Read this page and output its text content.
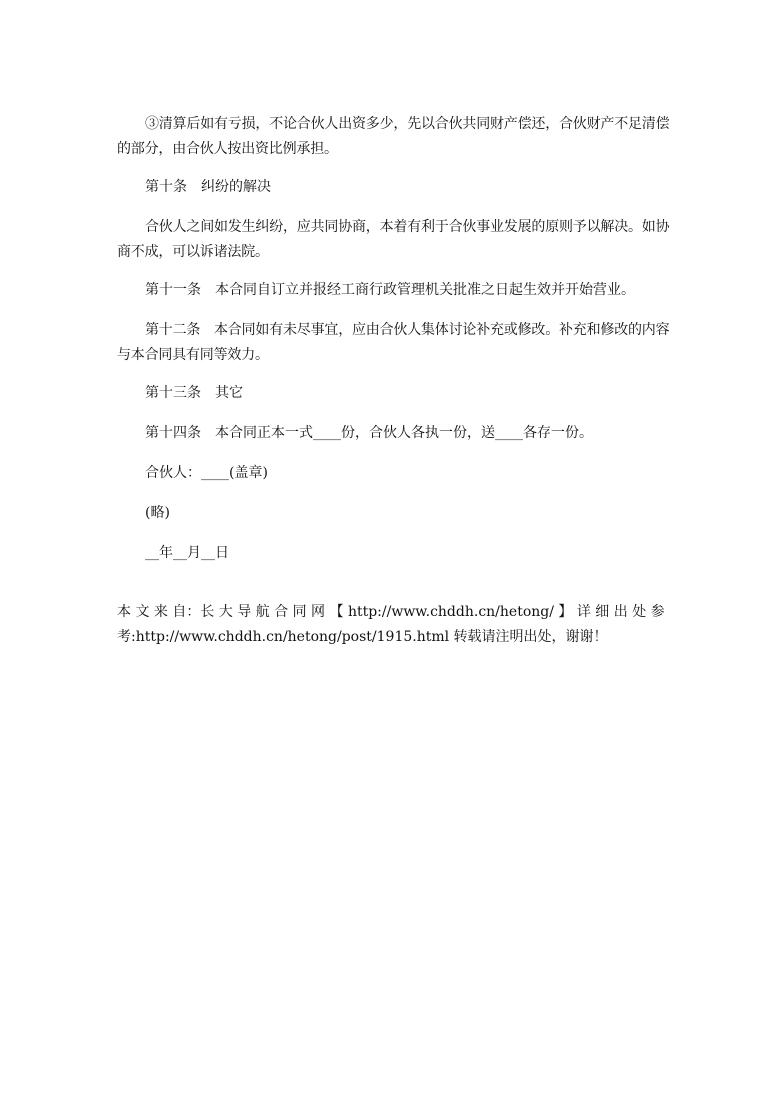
③清算后如有亏损，不论合伙人出资多少，先以合伙共同财产偿还，合伙财产不足清偿
的部分，由合伙人按出资比例承担。
第十条　纠纷的解决
合伙人之间如发生纠纷，应共同协商，本着有利于合伙事业发展的原则予以解决。如协
商不成，可以诉诸法院。
第十一条　本合同自订立并报经工商行政管理机关批准之日起生效并开始营业。
第十二条　本合同如有未尽事宜，应由合伙人集体讨论补充或修改。补充和修改的内容
与本合同具有同等效力。
第十三条　其它
第十四条　本合同正本一式____份，合伙人各执一份，送____各存一份。
合伙人：____(盖章)
(略)
__年__月__日
本 文 来 自：长 大 导 航 合 同 网 【 http://www.chddh.cn/hetong/ 】 详 细 出 处 参
考:http://www.chddh.cn/hetong/post/1915.html 转载请注明出处，谢谢！
